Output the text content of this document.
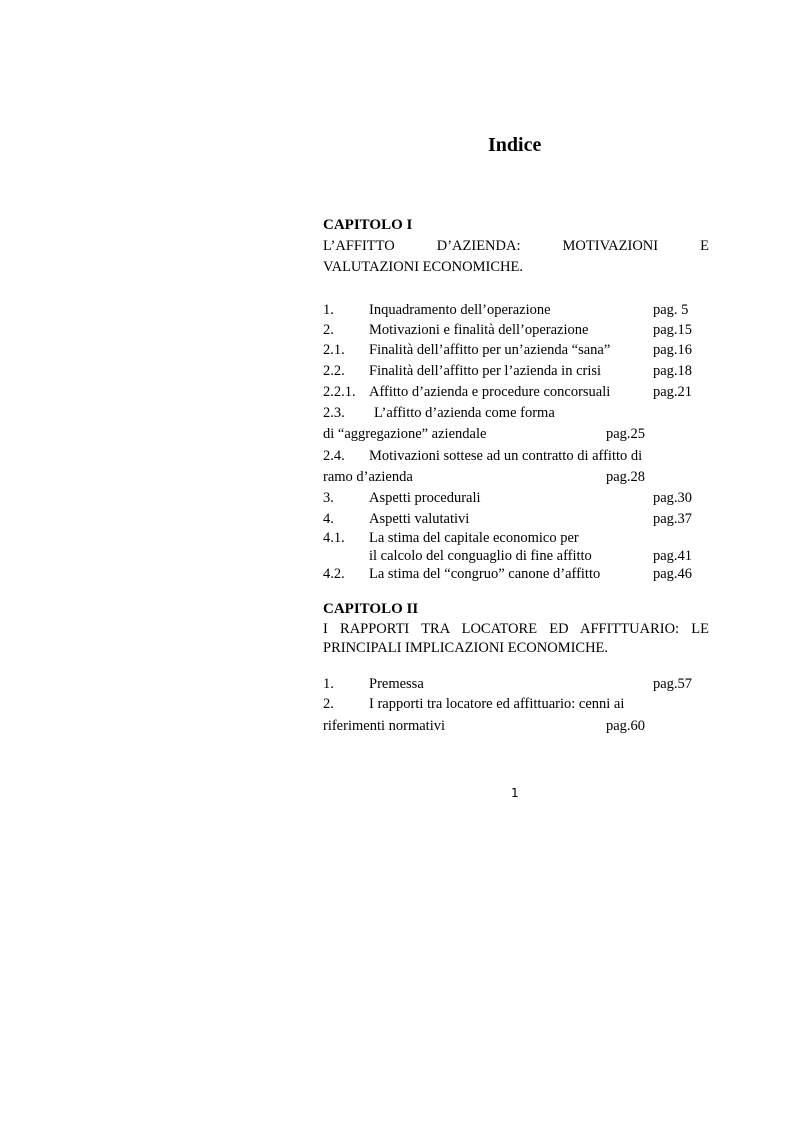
Indice
CAPITOLO I
L’AFFITTO D’AZIENDA: MOTIVAZIONI E
VALUTAZIONI ECONOMICHE.
1. Inquadramento dell’operazione	pag. 5
2. Motivazioni e finalità dell’operazione	pag.15
2.1. Finalità dell’affitto per un’azienda “sana”	pag.16
2.2. Finalità dell’affitto per l’azienda in crisi	pag.18
2.2.1. Affitto d’azienda e procedure concorsuali	pag.21
2.3. L’affitto d’azienda come forma
di “aggregazione” aziendale	pag.25
2.4. Motivazioni sottese ad un contratto di affitto di
ramo d’azienda	pag.28
3. Aspetti procedurali	pag.30
4. Aspetti valutativi	pag.37
4.1. La stima del capitale economico per
il calcolo del conguaglio di fine affitto	pag.41
4.2. La stima del “congruo” canone d’affitto	pag.46
CAPITOLO II
I RAPPORTI TRA LOCATORE ED AFFITTUARIO: LE
PRINCIPALI IMPLICAZIONI ECONOMICHE.
1. Premessa	pag.57
2. I rapporti tra locatore ed affittuario: cenni ai
riferimenti normativi	pag.60
1
